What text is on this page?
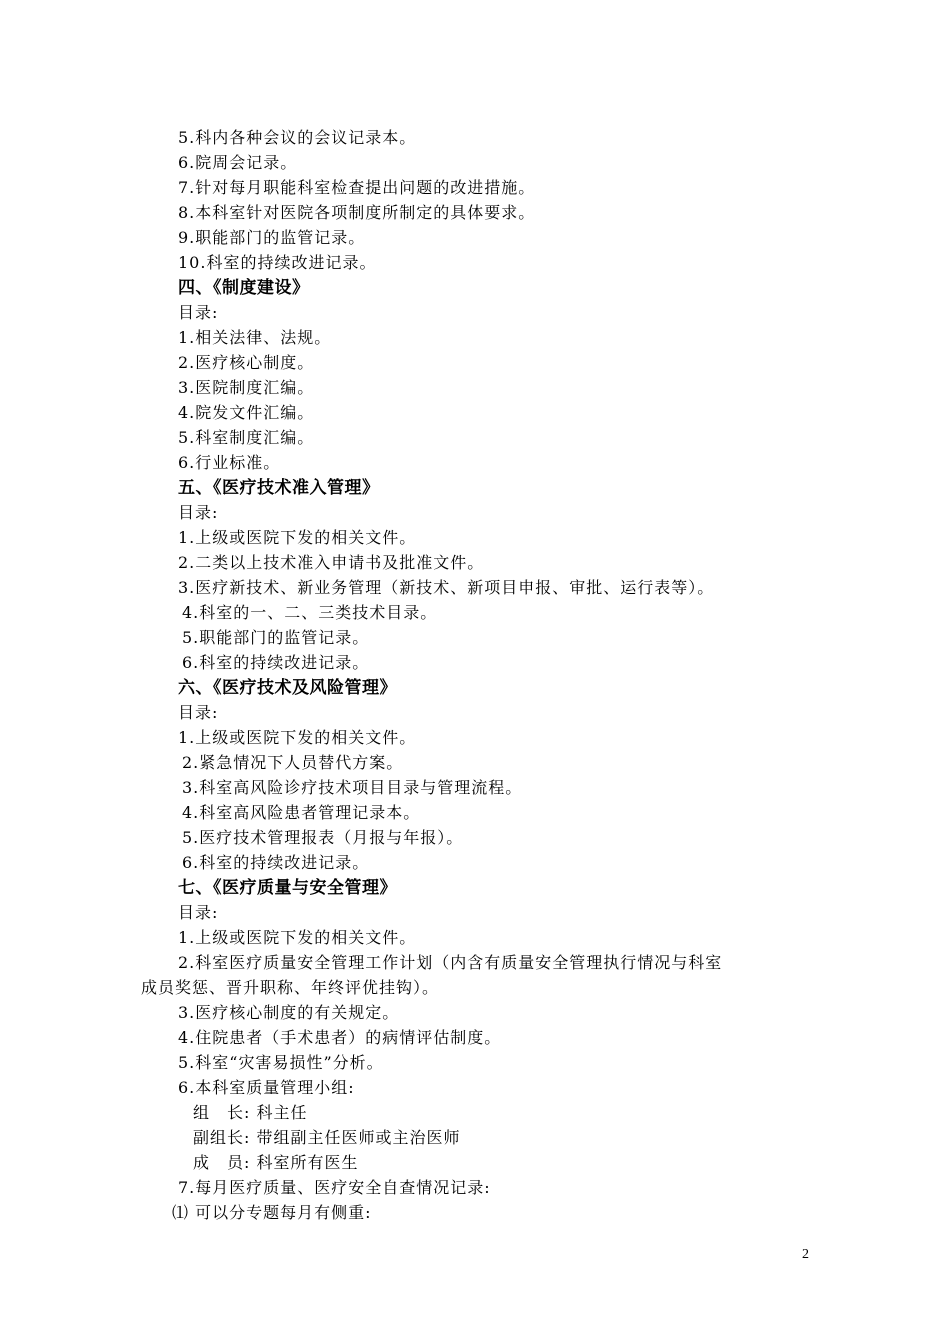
5.科内各种会议的会议记录本。
6.院周会记录。
7.针对每月职能科室检查提出问题的改进措施。
8.本科室针对医院各项制度所制定的具体要求。
9.职能部门的监管记录。
10.科室的持续改进记录。
四、《制度建设》
目录:
1.相关法律、法规。
2.医疗核心制度。
3.医院制度汇编。
4.院发文件汇编。
5.科室制度汇编。
6.行业标准。
五、《医疗技术准入管理》
目录:
1.上级或医院下发的相关文件。
2.二类以上技术准入申请书及批准文件。
3.医疗新技术、新业务管理（新技术、新项目申报、审批、运行表等）。
4.科室的一、二、三类技术目录。
5.职能部门的监管记录。
6.科室的持续改进记录。
六、《医疗技术及风险管理》
目录:
1.上级或医院下发的相关文件。
2.紧急情况下人员替代方案。
3.科室高风险诊疗技术项目目录与管理流程。
4.科室高风险患者管理记录本。
5.医疗技术管理报表（月报与年报）。
6.科室的持续改进记录。
七、《医疗质量与安全管理》
目录:
1.上级或医院下发的相关文件。
2.科室医疗质量安全管理工作计划（内含有质量安全管理执行情况与科室
成员奖惩、晋升职称、年终评优挂钩）。
3.医疗核心制度的有关规定。
4.住院患者（手术患者）的病情评估制度。
5.科室“灾害易损性”分析。
6.本科室质量管理小组:
组　长: 科主任
副组长: 带组副主任医师或主治医师
成　员: 科室所有医生
7.每月医疗质量、医疗安全自查情况记录:
⑴ 可以分专题每月有侧重:
2
